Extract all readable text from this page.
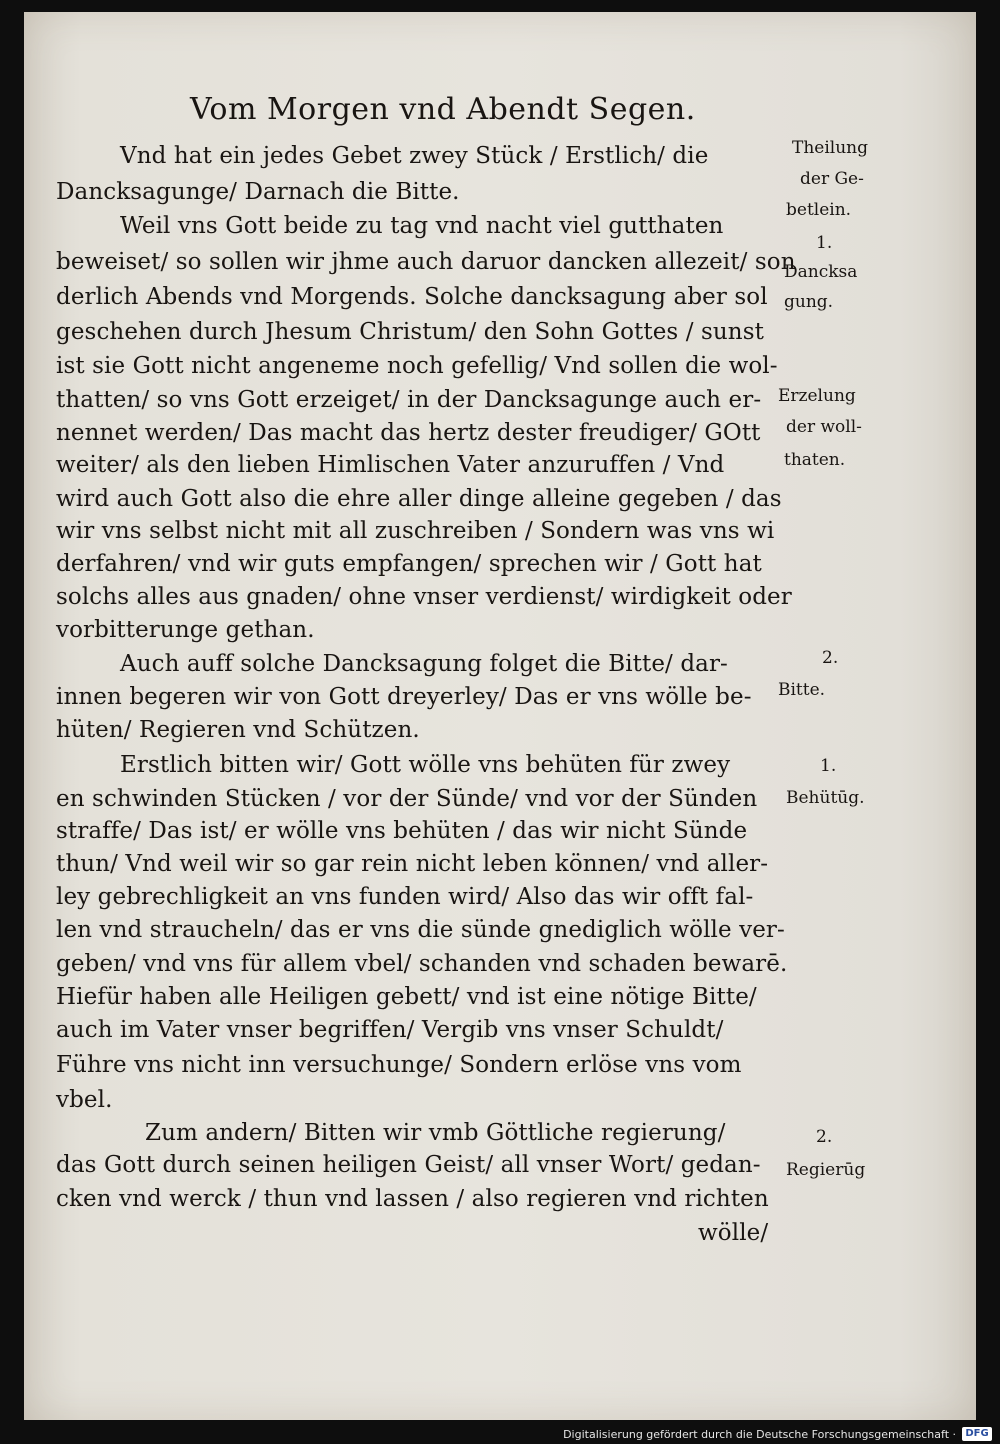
Vom Morgen vnd Abendt Segen.
Vnd hat ein jedes Gebet zwey Stück / Erstlich/ die
Dancksagunge/ Darnach die Bitte.
Weil vns Gott beide zu tag vnd nacht viel gutthaten
beweiset/ so sollen wir jhme auch daruor dancken allezeit/ son
derlich Abends vnd Morgends. Solche dancksagung aber sol
geschehen durch Jhesum Christum/ den Sohn Gottes / sunst
ist sie Gott nicht angeneme noch gefellig/ Vnd sollen die wol-
thatten/ so vns Gott erzeiget/ in der Dancksagunge auch er-
nennet werden/ Das macht das hertz dester freudiger/ GOtt
weiter/ als den lieben Himlischen Vater anzuruffen / Vnd
wird auch Gott also die ehre aller dinge alleine gegeben / das
wir vns selbst nicht mit all zuschreiben / Sondern was vns wi
derfahren/ vnd wir guts empfangen/ sprechen wir / Gott hat
solchs alles aus gnaden/ ohne vnser verdienst/ wirdigkeit oder
vorbitterunge gethan.
Auch auff solche Dancksagung folget die Bitte/ dar-
innen begeren wir von Gott dreyerley/ Das er vns wölle be-
hüten/ Regieren vnd Schützen.
Erstlich bitten wir/ Gott wölle vns behüten für zwey
en schwinden Stücken / vor der Sünde/ vnd vor der Sünden
straffe/ Das ist/ er wölle vns behüten / das wir nicht Sünde
thun/ Vnd weil wir so gar rein nicht leben können/ vnd aller-
ley gebrechligkeit an vns funden wird/ Also das wir offt fal-
len vnd straucheln/ das er vns die sünde gnediglich wölle ver-
geben/ vnd vns für allem vbel/ schanden vnd schaden bewarē.
Hiefür haben alle Heiligen gebett/ vnd ist eine nötige Bitte/
auch im Vater vnser begriffen/ Vergib vns vnser Schuldt/
Führe vns nicht inn versuchunge/ Sondern erlöse vns vom
vbel.
Zum andern/ Bitten wir vmb Göttliche regierung/
das Gott durch seinen heiligen Geist/ all vnser Wort/ gedan-
cken vnd werck / thun vnd lassen / also regieren vnd richten
wölle/
Theilung
der Ge-
betlein.
1.
Dancksa
gung.
Erzelung
der woll-
thaten.
2.
Bitte.
1.
Behütūg.
2.
Regierūg
Digitalisierung gefördert durch die Deutsche Forschungsgemeinschaft · DFG
